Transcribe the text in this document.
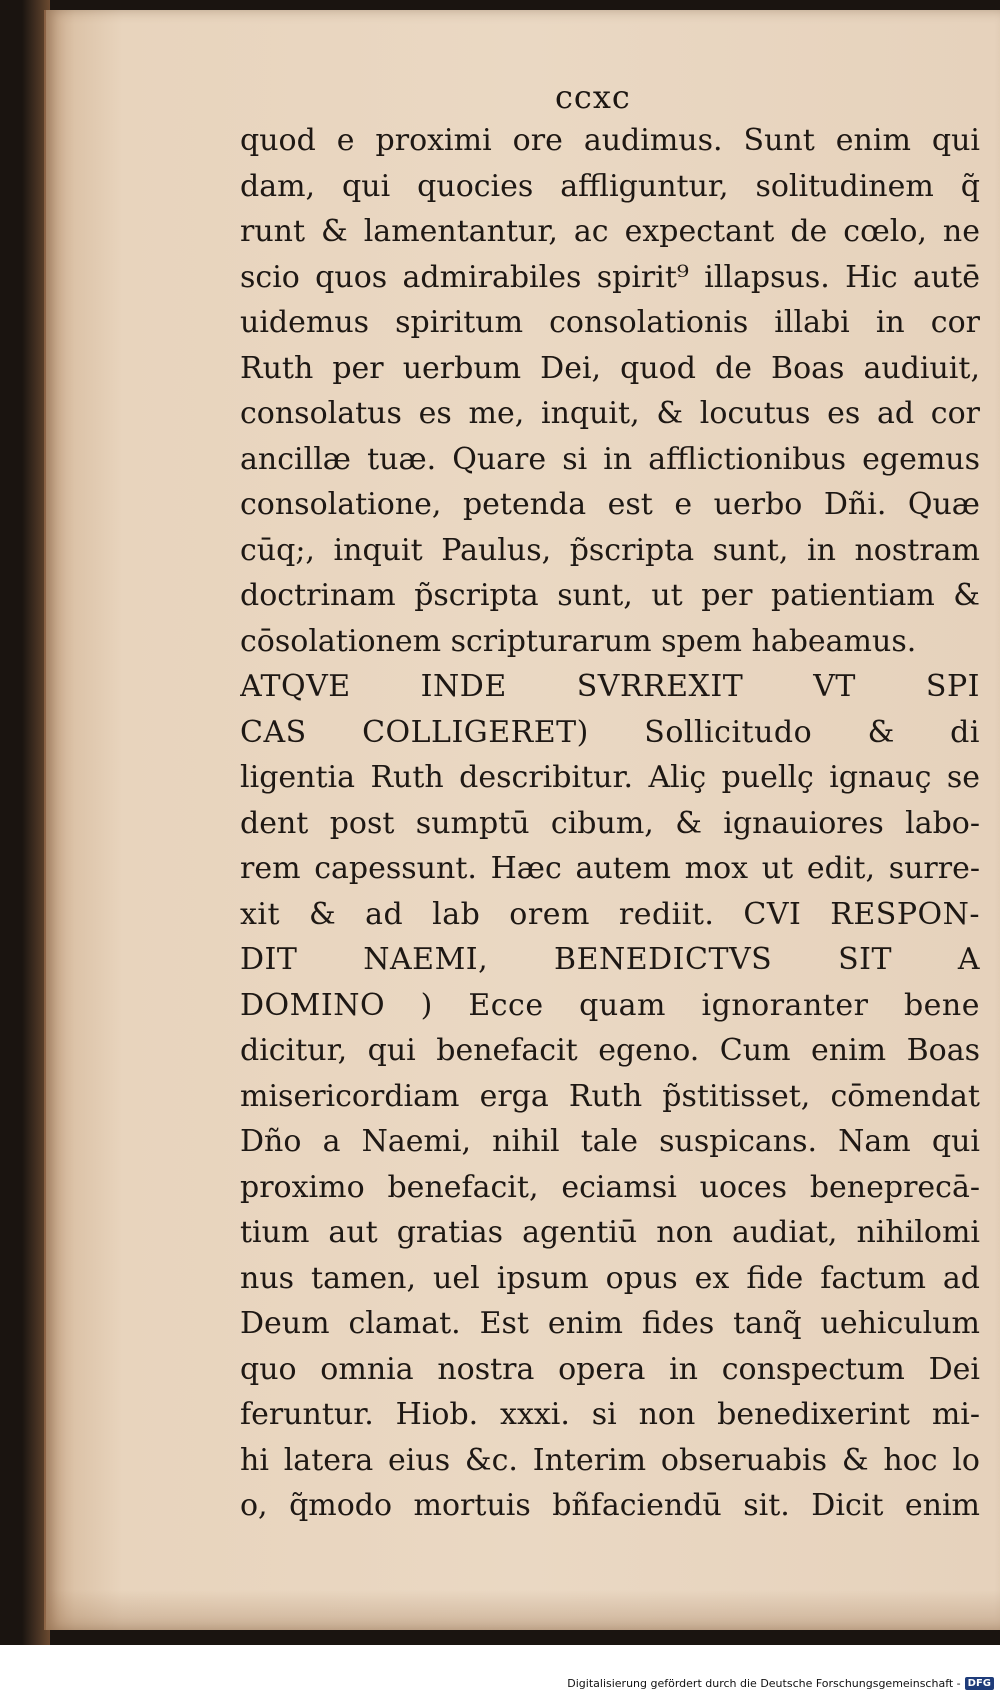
ccxc
quod e proximi ore audimus. Sunt enim qui
dam, qui quocies affliguntur, solitudinem q̃
runt & lamentantur, ac expectant de cœlo, ne
scio quos admirabiles spirit⁹ illapsus. Hic autē
uidemus spiritum consolationis illabi in cor
Ruth per uerbum Dei, quod de Boas audiuit,
consolatus es me, inquit, & locutus es ad cor
ancillæ tuæ. Quare si in afflictionibus egemus
consolatione, petenda est e uerbo Dñi. Quæ
cūq;, inquit Paulus, p̃scripta sunt, in nostram
doctrinam p̃scripta sunt, ut per patientiam &
cōsolationem scripturarum spem habeamus.
ATQVE INDE SVRREXIT VT SPI
CAS COLLIGERET) Sollicitudo & di
ligentia Ruth describitur. Aliç puellç ignauç se
dent post sumptū cibum, & ignauiores labo-
rem capessunt. Hæc autem mox ut edit, surre-
xit & ad lab orem rediit. CVI RESPON-
DIT NAEMI, BENEDICTVS SIT A
DOMINO ) Ecce quam ignoranter bene
dicitur, qui benefacit egeno. Cum enim Boas
misericordiam erga Ruth p̃stitisset, cōmendat
Dño a Naemi, nihil tale suspicans. Nam qui
proximo benefacit, eciamsi uoces beneprecā-
tium aut gratias agentiū non audiat, nihilomi
nus tamen, uel ipsum opus ex fide factum ad
Deum clamat. Est enim fides tanq̃ uehiculum
quo omnia nostra opera in conspectum Dei
feruntur. Hiob. xxxi. si non benedixerint mi-
hi latera eius &c. Interim obseruabis & hoc lo
o, q̃modo mortuis bñfaciendū sit. Dicit enim
Digitalisierung gefördert durch die Deutsche Forschungsgemeinschaft - DFG
